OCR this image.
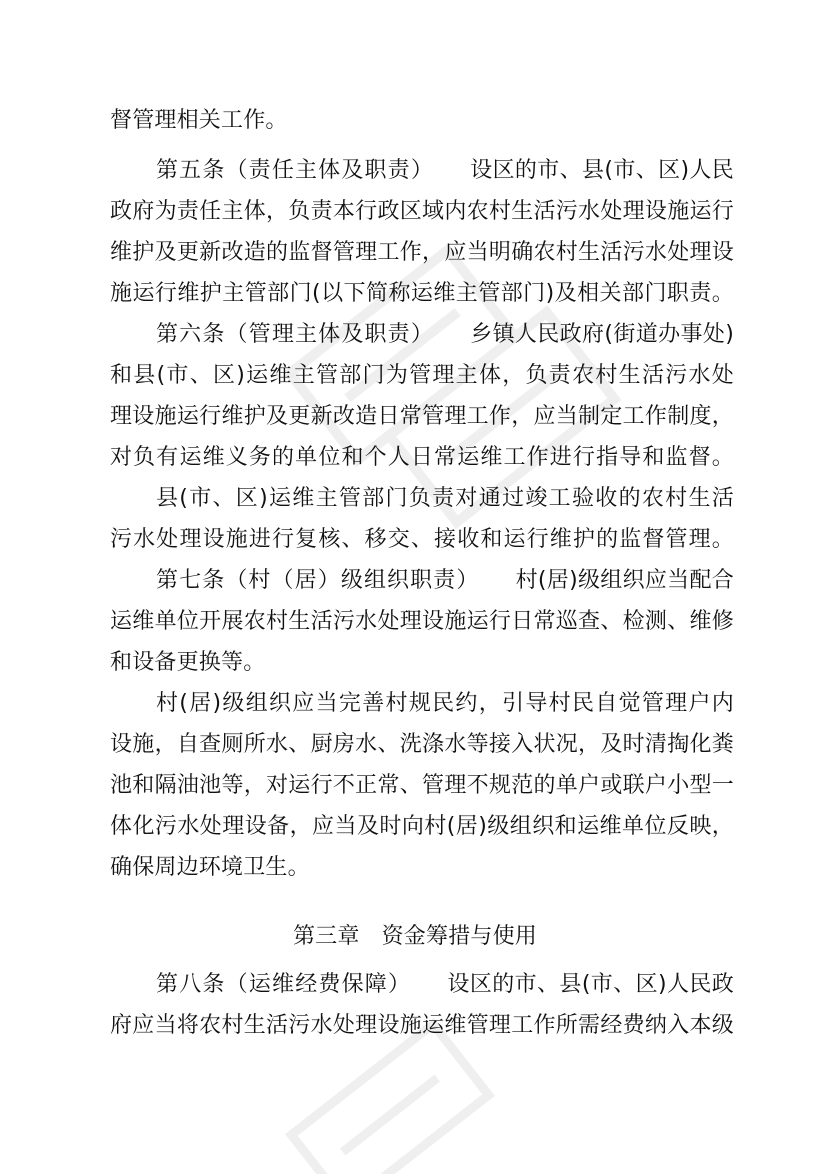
督管理相关工作。
第五条（责任主体及职责） 设区的市、县(市、区)人民
政府为责任主体，负责本行政区域内农村生活污水处理设施运行
维护及更新改造的监督管理工作，应当明确农村生活污水处理设
施运行维护主管部门(以下简称运维主管部门)及相关部门职责。
第六条（管理主体及职责） 乡镇人民政府(街道办事处)
和县(市、区)运维主管部门为管理主体，负责农村生活污水处
理设施运行维护及更新改造日常管理工作，应当制定工作制度，
对负有运维义务的单位和个人日常运维工作进行指导和监督。
县(市、区)运维主管部门负责对通过竣工验收的农村生活
污水处理设施进行复核、移交、接收和运行维护的监督管理。
第七条（村（居）级组织职责） 村(居)级组织应当配合
运维单位开展农村生活污水处理设施运行日常巡查、检测、维修
和设备更换等。
村(居)级组织应当完善村规民约，引导村民自觉管理户内
设施，自查厕所水、厨房水、洗涤水等接入状况，及时清掏化粪
池和隔油池等，对运行不正常、管理不规范的单户或联户小型一
体化污水处理设备，应当及时向村(居)级组织和运维单位反映，
确保周边环境卫生。
第三章 资金筹措与使用
第八条（运维经费保障） 设区的市、县(市、区)人民政
府应当将农村生活污水处理设施运维管理工作所需经费纳入本级
